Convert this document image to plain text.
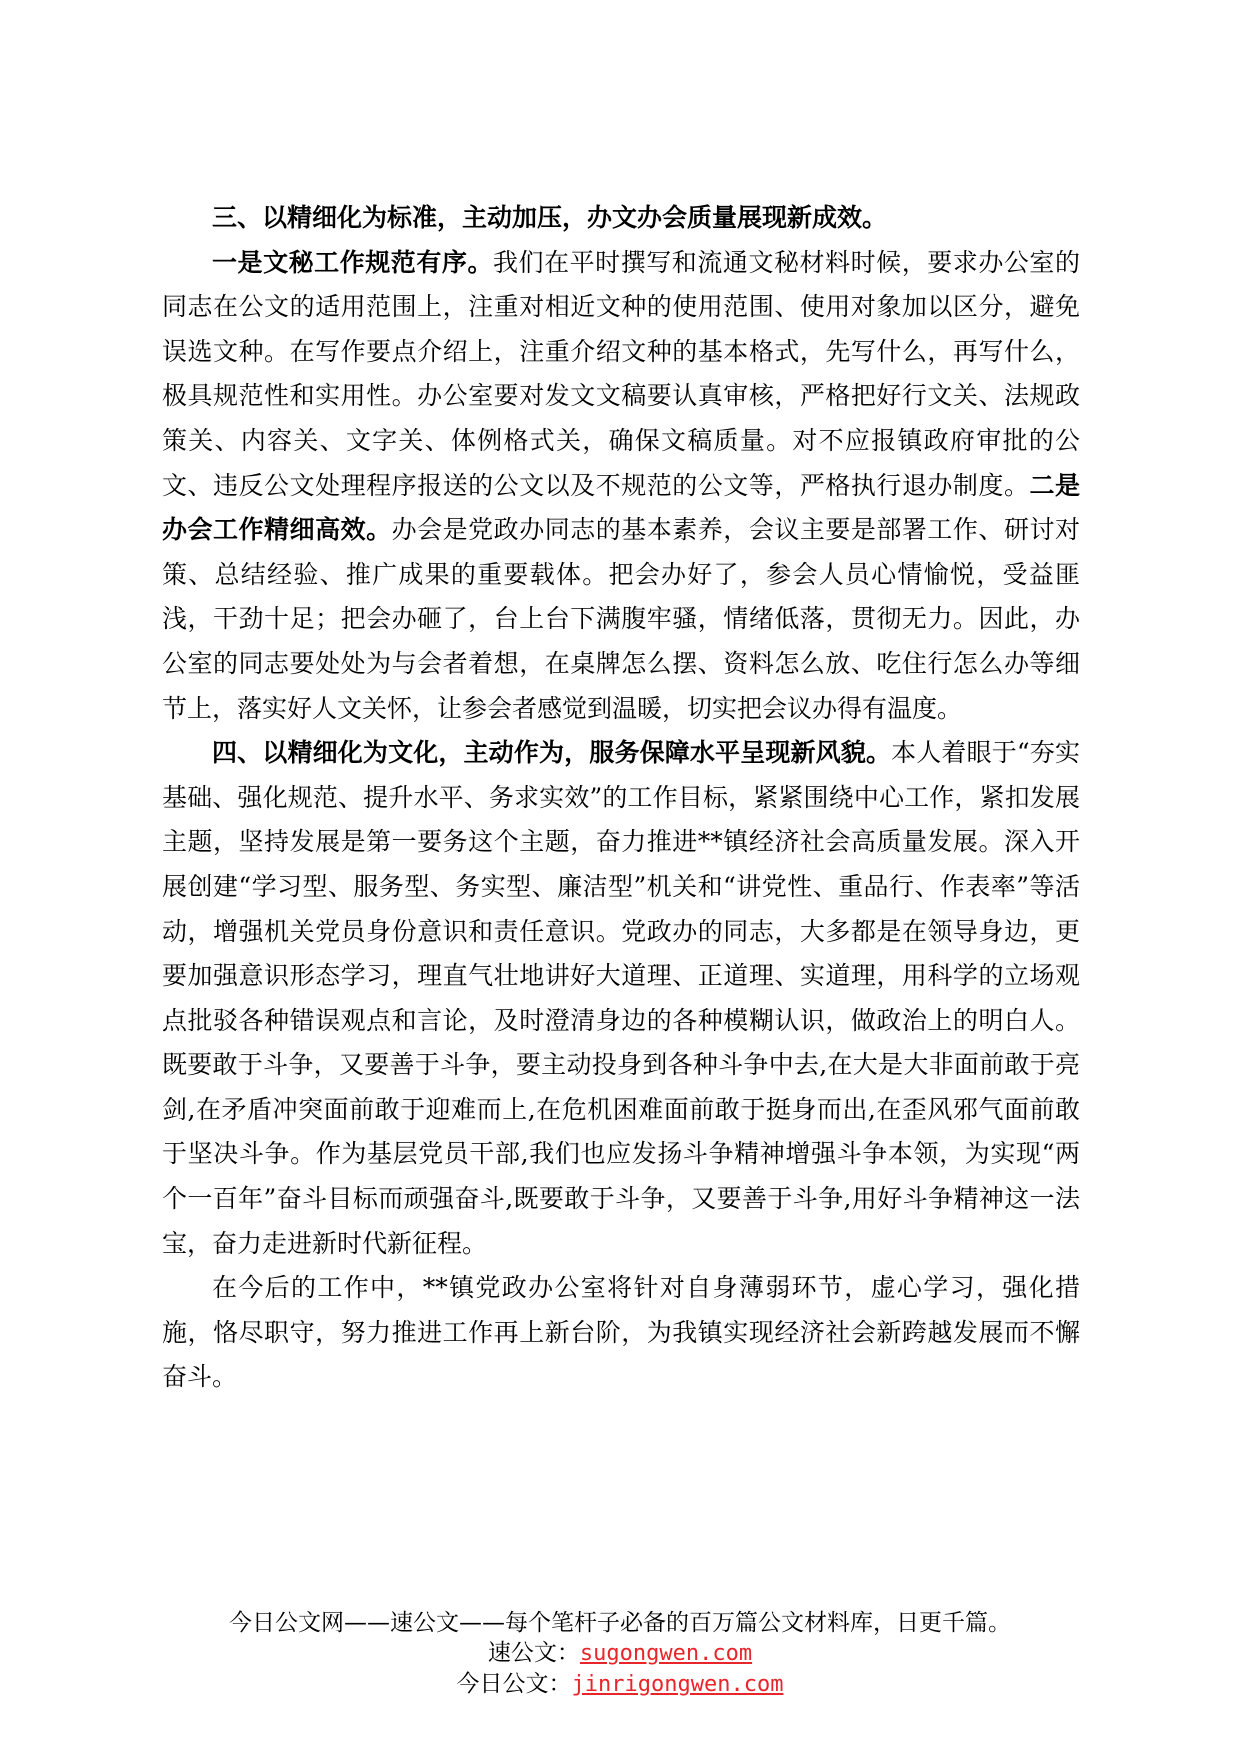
三、以精细化为标准，主动加压，办文办会质量展现新成效。

一是文秘工作规范有序。我们在平时撰写和流通文秘材料时候，要求办公室的同志在公文的适用范围上，注重对相近文种的使用范围、使用对象加以区分，避免误选文种。在写作要点介绍上，注重介绍文种的基本格式，先写什么，再写什么，极具规范性和实用性。办公室要对发文文稿要认真审核，严格把好行文关、法规政策关、内容关、文字关、体例格式关，确保文稿质量。对不应报镇政府审批的公文、违反公文处理程序报送的公文以及不规范的公文等，严格执行退办制度。二是办会工作精细高效。办会是党政办同志的基本素养，会议主要是部署工作、研讨对策、总结经验、推广成果的重要载体。把会办好了，参会人员心情愉悦，受益匪浅，干劲十足；把会办砸了，台上台下满腹牢骚，情绪低落，贯彻无力。因此，办公室的同志要处处为与会者着想，在桌牌怎么摆、资料怎么放、吃住行怎么办等细节上，落实好人文关怀，让参会者感觉到温暖，切实把会议办得有温度。

四、以精细化为文化，主动作为，服务保障水平呈现新风貌。本人着眼于“夯实基础、强化规范、提升水平、务求实效”的工作目标，紧紧围绕中心工作，紧扣发展主题，坚持发展是第一要务这个主题，奋力推进**镇经济社会高质量发展。深入开展创建“学习型、服务型、务实型、廉洁型”机关和“讲党性、重品行、作表率”等活动，增强机关党员身份意识和责任意识。党政办的同志，大多都是在领导身边，更要加强意识形态学习，理直气壮地讲好大道理、正道理、实道理，用科学的立场观点批驳各种错误观点和言论，及时澄清身边的各种模糊认识，做政治上的明白人。既要敢于斗争，又要善于斗争，要主动投身到各种斗争中去,在大是大非面前敢于亮剑,在矛盾冲突面前敢于迎难而上,在危机困难面前敢于挺身而出,在歪风邪气面前敢于坚决斗争。作为基层党员干部,我们也应发扬斗争精神增强斗争本领，为实现“两个一百年”奋斗目标而顽强奋斗,既要敢于斗争，又要善于斗争,用好斗争精神这一法宝，奋力走进新时代新征程。

在今后的工作中，**镇党政办公室将针对自身薄弱环节，虚心学习，强化措施，恪尽职守，努力推进工作再上新台阶，为我镇实现经济社会新跨越发展而不懈奋斗。

今日公文网——速公文——每个笔杆子必备的百万篇公文材料库，日更千篇。
速公文：sugongwen.com
今日公文：jinrigongwen.com
